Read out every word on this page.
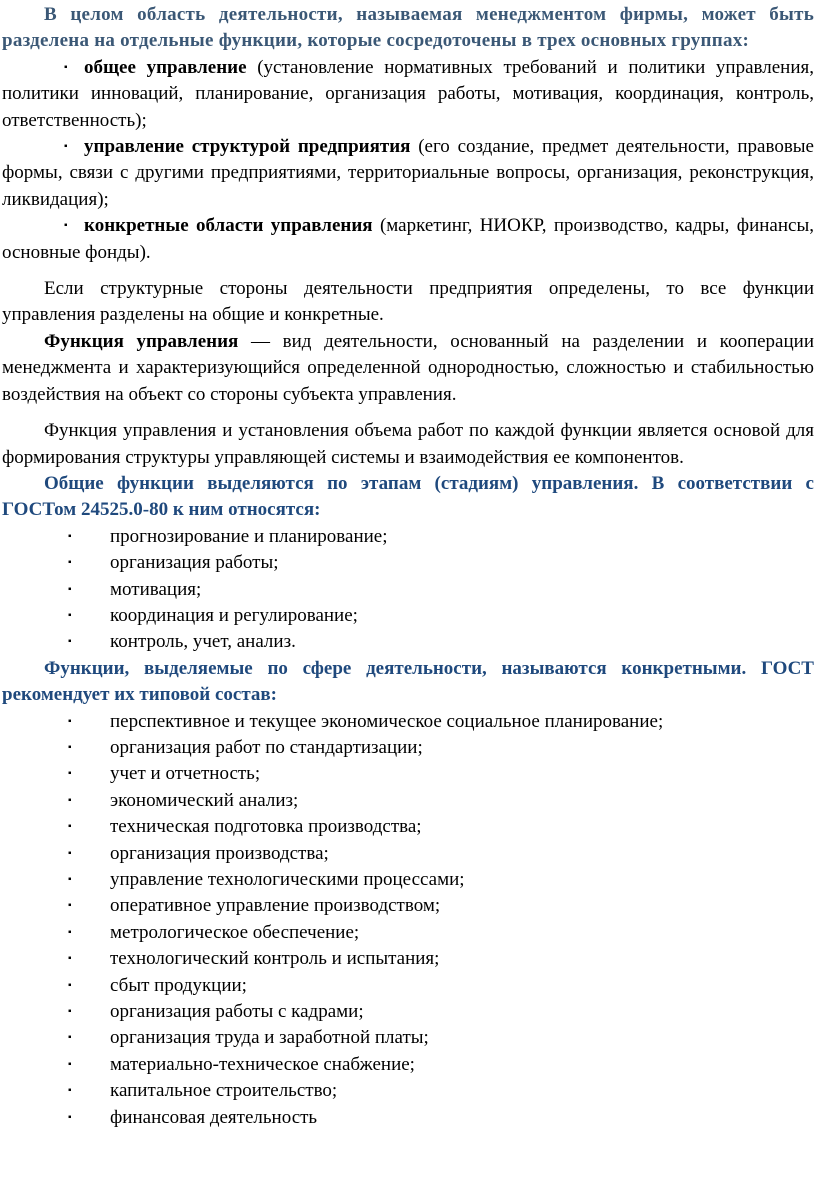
В целом область деятельности, называемая менеджментом фирмы, может быть разделена на отдельные функции, которые сосредоточены в трех основных группах:

▪ общее управление (установление нормативных требований и политики управления, политики инноваций, планирование, организация работы, мотивация, координация, контроль, ответственность);
▪ управление структурой предприятия (его создание, предмет деятельности, правовые формы, связи с другими предприятиями, территориальные вопросы, организация, реконструкция, ликвидация);
▪ конкретные области управления (маркетинг, НИОКР, производство, кадры, финансы, основные фонды).

Если структурные стороны деятельности предприятия определены, то все функции управления разделены на общие и конкретные.

Функция управления — вид деятельности, основанный на разделении и кооперации менеджмента и характеризующийся определенной однородностью, сложностью и стабильностью воздействия на объект со стороны субъекта управления.

Функция управления и установления объема работ по каждой функции является основой для формирования структуры управляющей системы и взаимодействия ее компонентов.

Общие функции выделяются по этапам (стадиям) управления. В соответствии с ГОСТом 24525.0-80 к ним относятся:

▪ прогнозирование и планирование;
▪ организация работы;
▪ мотивация;
▪ координация и регулирование;
▪ контроль, учет, анализ.

Функции, выделяемые по сфере деятельности, называются конкретными. ГОСТ рекомендует их типовой состав:

▪ перспективное и текущее экономическое социальное планирование;
▪ организация работ по стандартизации;
▪ учет и отчетность;
▪ экономический анализ;
▪ техническая подготовка производства;
▪ организация производства;
▪ управление технологическими процессами;
▪ оперативное управление производством;
▪ метрологическое обеспечение;
▪ технологический контроль и испытания;
▪ сбыт продукции;
▪ организация работы с кадрами;
▪ организация труда и заработной платы;
▪ материально-техническое снабжение;
▪ капитальное строительство;
▪ финансовая деятельность
